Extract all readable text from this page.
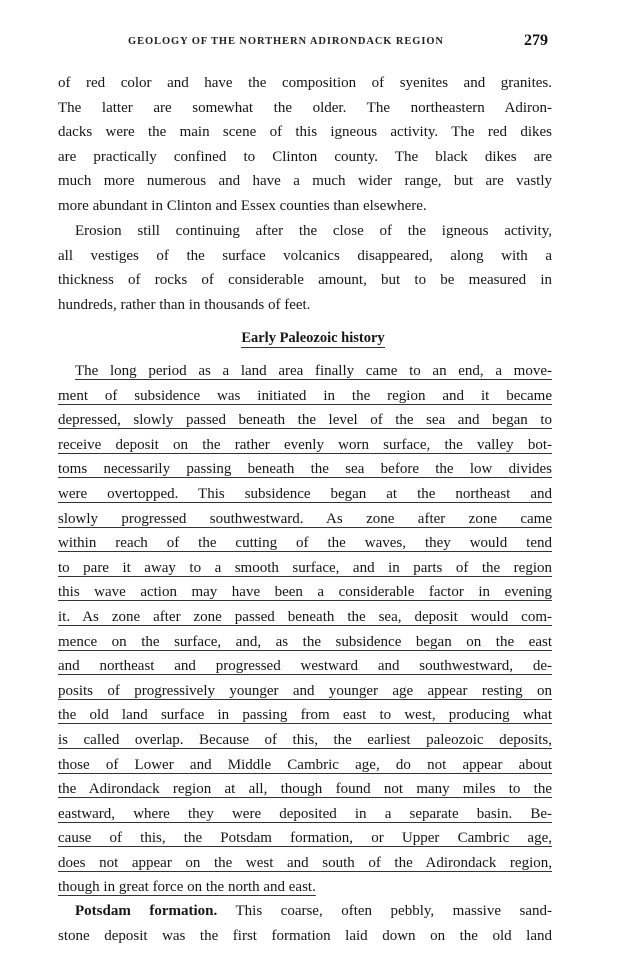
GEOLOGY OF THE NORTHERN ADIRONDACK REGION	279
of red color and have the composition of syenites and granites.
The latter are somewhat the older. The northeastern Adiron-
dacks were the main scene of this igneous activity. The red dikes
are practically confined to Clinton county. The black dikes are
much more numerous and have a much wider range, but are vastly
more abundant in Clinton and Essex counties than elsewhere.
Erosion still continuing after the close of the igneous activity,
all vestiges of the surface volcanics disappeared, along with a
thickness of rocks of considerable amount, but to be measured in
hundreds, rather than in thousands of feet.
Early Paleozoic history
The long period as a land area finally came to an end, a move-
ment of subsidence was initiated in the region and it became
depressed, slowly passed beneath the level of the sea and began to
receive deposit on the rather evenly worn surface, the valley bot-
toms necessarily passing beneath the sea before the low divides
were overtopped. This subsidence began at the northeast and
slowly progressed southwestward. As zone after zone came
within reach of the cutting of the waves, they would tend
to pare it away to a smooth surface, and in parts of the region
this wave action may have been a considerable factor in evening
it. As zone after zone passed beneath the sea, deposit would com-
mence on the surface, and, as the subsidence began on the east
and northeast and progressed westward and southwestward, de-
posits of progressively younger and younger age appear resting on
the old land surface in passing from east to west, producing what
is called overlap. Because of this, the earliest paleozoic deposits,
those of Lower and Middle Cambric age, do not appear about
the Adirondack region at all, though found not many miles to the
eastward, where they were deposited in a separate basin. Be-
cause of this, the Potsdam formation, or Upper Cambric age,
does not appear on the west and south of the Adirondack region,
though in great force on the north and east.
Potsdam formation. This coarse, often pebbly, massive sand-
stone deposit was the first formation laid down on the old land
